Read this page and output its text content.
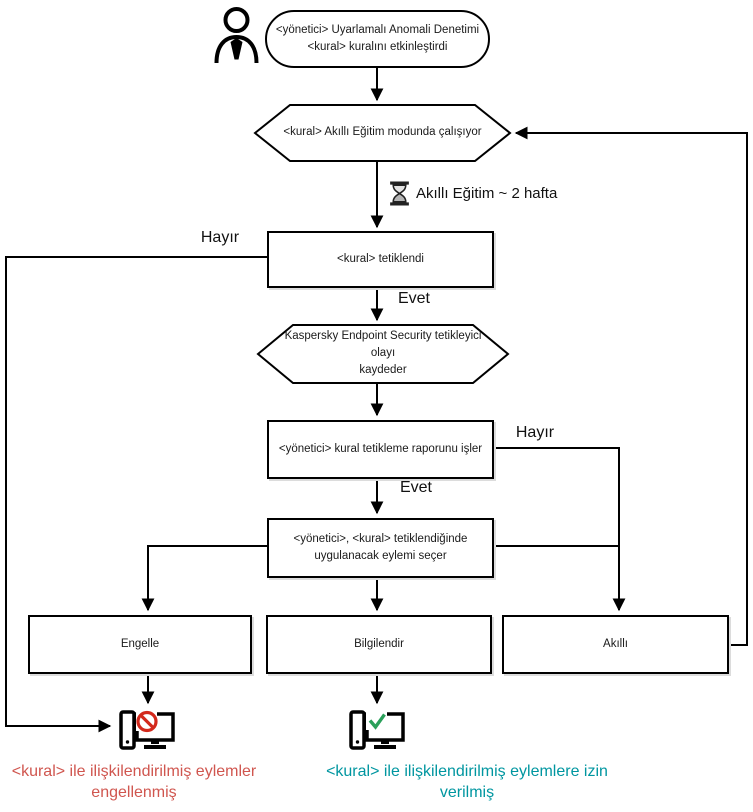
<yönetici> Uyarlamalı Anomali Denetimi
<kural> kuralını etkinleştirdi
<kural> Akıllı Eğitim modunda çalışıyor
Kaspersky Endpoint Security tetikleyici olayı
kaydeder
Akıllı Eğitim ~ 2 hafta
<kural> tetiklendi
<yönetici> kural tetikleme raporunu işler
<yönetici>, <kural> tetiklendiğinde
uygulanacak eylemi seçer
Engelle	Bilgilendir	Akıllı
Hayır
Evet
Hayır
Evet
<kural> ile ilişkilendirilmiş eylemler
engellenmiş
<kural> ile ilişkilendirilmiş eylemlere izin
verilmiş
